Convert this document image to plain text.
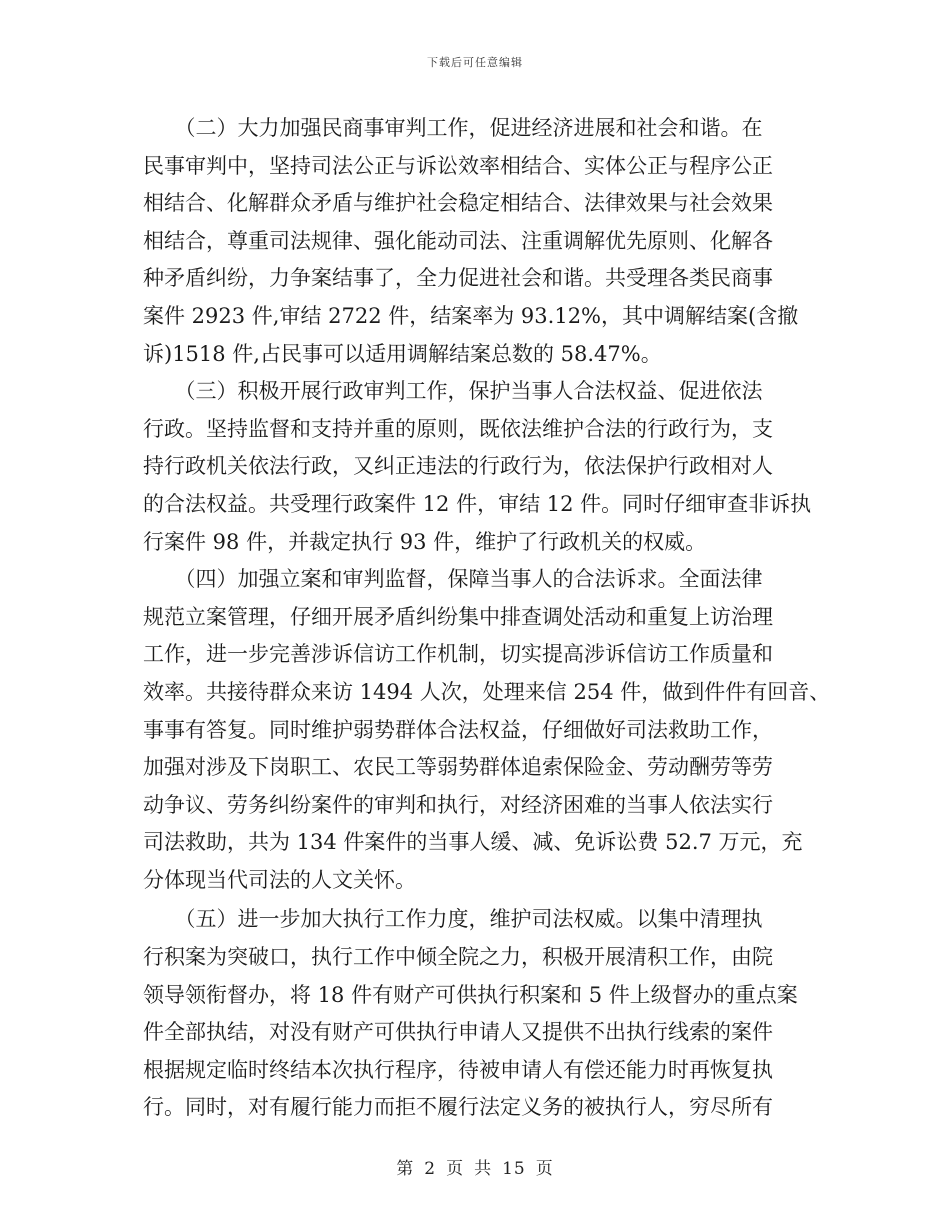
下载后可任意编辑
　　（二）大力加强民商事审判工作，促进经济进展和社会和谐。在
民事审判中，坚持司法公正与诉讼效率相结合、实体公正与程序公正
相结合、化解群众矛盾与维护社会稳定相结合、法律效果与社会效果
相结合，尊重司法规律、强化能动司法、注重调解优先原则、化解各
种矛盾纠纷，力争案结事了，全力促进社会和谐。共受理各类民商事
案件 2923 件,审结 2722 件，结案率为 93.12%，其中调解结案(含撤
诉)1518 件,占民事可以适用调解结案总数的 58.47%。
　　（三）积极开展行政审判工作，保护当事人合法权益、促进依法
行政。坚持监督和支持并重的原则，既依法维护合法的行政行为，支
持行政机关依法行政，又纠正违法的行政行为，依法保护行政相对人
的合法权益。共受理行政案件 12 件，审结 12 件。同时仔细审查非诉执
行案件 98 件，并裁定执行 93 件，维护了行政机关的权威。
　　（四）加强立案和审判监督，保障当事人的合法诉求。全面法律
规范立案管理，仔细开展矛盾纠纷集中排查调处活动和重复上访治理
工作，进一步完善涉诉信访工作机制，切实提高涉诉信访工作质量和
效率。共接待群众来访 1494 人次，处理来信 254 件，做到件件有回音、
事事有答复。同时维护弱势群体合法权益，仔细做好司法救助工作，
加强对涉及下岗职工、农民工等弱势群体追索保险金、劳动酬劳等劳
动争议、劳务纠纷案件的审判和执行，对经济困难的当事人依法实行
司法救助，共为 134 件案件的当事人缓、减、免诉讼费 52.7 万元，充
分体现当代司法的人文关怀。
　　（五）进一步加大执行工作力度，维护司法权威。以集中清理执
行积案为突破口，执行工作中倾全院之力，积极开展清积工作，由院
领导领衔督办，将 18 件有财产可供执行积案和 5 件上级督办的重点案
件全部执结，对没有财产可供执行申请人又提供不出执行线索的案件
根据规定临时终结本次执行程序，待被申请人有偿还能力时再恢复执
行。同时，对有履行能力而拒不履行法定义务的被执行人，穷尽所有
第 2 页 共 15 页
